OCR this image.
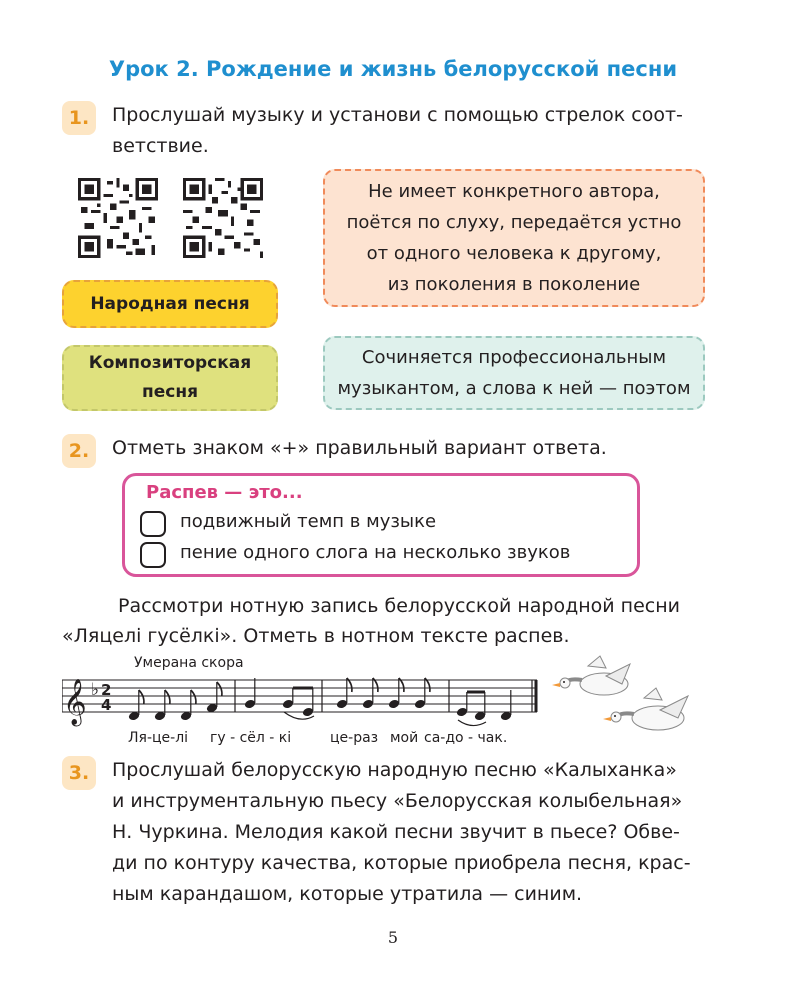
Урок 2. Рождение и жизнь белорусской песни
1.	Прослушай музыку и установи с помощью стрелок соот-
ветствие.
Народная песня
Композиторская
песня
Не имеет конкретного автора,
поётся по слуху, передаётся устно
от одного человека к другому,
из поколения в поколение
Сочиняется профессиональным
музыкантом, а слова к ней — поэтом
2.	Отметь знаком «+» правильный вариант ответа.
Распев — это...
подвижный темп в музыке
пение одного слога на несколько звуков
Рассмотри нотную запись белорусской народной песни
«Ляцелі гусёлкі». Отметь в нотном тексте распев.
Умерана скора
𝄞 ♭ 2
4
Ля-це-лі гу - сёл - кі	це-раз мой са-до - чак.
3.	Прослушай белорусскую народную песню «Калыханка»
и инструментальную пьесу «Белорусская колыбельная»
Н. Чуркина. Мелодия какой песни звучит в пьесе? Обве-
ди по контуру качества, которые приобрела песня, крас-
ным карандашом, которые утратила — синим.
5
